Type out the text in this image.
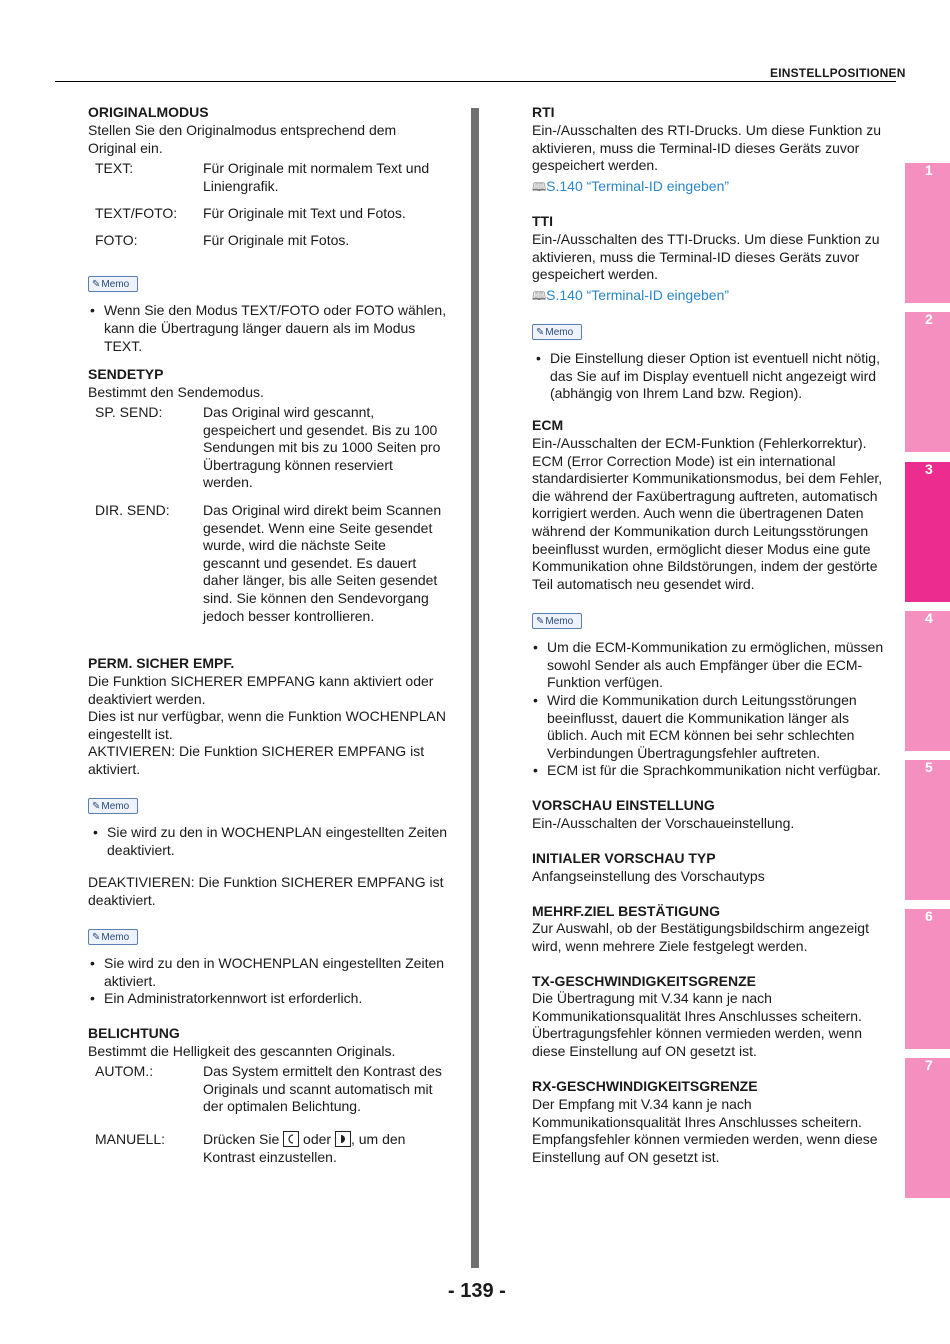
EINSTELLPOSITIONEN
ORIGINALMODUS
Stellen Sie den Originalmodus entsprechend dem
Original ein.
TEXT:	Für Originale mit normalem Text und
Liniengrafik.
TEXT/FOTO: Für Originale mit Text und Fotos.
FOTO:	Für Originale mit Fotos.
✎Memo
• Wenn Sie den Modus TEXT/FOTO oder FOTO wählen,
kann die Übertragung länger dauern als im Modus
TEXT.
SENDETYP
Bestimmt den Sendemodus.
SP. SEND:	Das Original wird gescannt,
gespeichert und gesendet. Bis zu 100
Sendungen mit bis zu 1000 Seiten pro
Übertragung können reserviert
werden.
DIR. SEND: Das Original wird direkt beim Scannen
gesendet. Wenn eine Seite gesendet
wurde, wird die nächste Seite
gescannt und gesendet. Es dauert
daher länger, bis alle Seiten gesendet
sind. Sie können den Sendevorgang
jedoch besser kontrollieren.
PERM. SICHER EMPF.
Die Funktion SICHERER EMPFANG kann aktiviert oder
deaktiviert werden.
Dies ist nur verfügbar, wenn die Funktion WOCHENPLAN
eingestellt ist.
AKTIVIEREN: Die Funktion SICHERER EMPFANG ist
aktiviert.
✎Memo
• Sie wird zu den in WOCHENPLAN eingestellten Zeiten
deaktiviert.
DEAKTIVIEREN: Die Funktion SICHERER EMPFANG ist
deaktiviert.
✎Memo
• Sie wird zu den in WOCHENPLAN eingestellten Zeiten
aktiviert.
• Ein Administratorkennwort ist erforderlich.
BELICHTUNG
Bestimmt die Helligkeit des gescannten Originals.
AUTOM.:	Das System ermittelt den Kontrast des
Originals und scannt automatisch mit
der optimalen Belichtung.
MANUELL:	Drücken Sie oder , um den
Kontrast einzustellen.
RTI
Ein-/Ausschalten des RTI-Drucks. Um diese Funktion zu
aktivieren, muss die Terminal-ID dieses Geräts zuvor
gespeichert werden.
🕮S.140 “Terminal-ID eingeben”
TTI
Ein-/Ausschalten des TTI-Drucks. Um diese Funktion zu
aktivieren, muss die Terminal-ID dieses Geräts zuvor
gespeichert werden.
🕮S.140 “Terminal-ID eingeben”
✎Memo
• Die Einstellung dieser Option ist eventuell nicht nötig,
das Sie auf im Display eventuell nicht angezeigt wird
(abhängig von Ihrem Land bzw. Region).
ECM
Ein-/Ausschalten der ECM-Funktion (Fehlerkorrektur).
ECM (Error Correction Mode) ist ein international
standardisierter Kommunikationsmodus, bei dem Fehler,
die während der Faxübertragung auftreten, automatisch
korrigiert werden. Auch wenn die übertragenen Daten
während der Kommunikation durch Leitungsstörungen
beeinflusst wurden, ermöglicht dieser Modus eine gute
Kommunikation ohne Bildstörungen, indem der gestörte
Teil automatisch neu gesendet wird.
✎Memo
• Um die ECM-Kommunikation zu ermöglichen, müssen
sowohl Sender als auch Empfänger über die ECM-
Funktion verfügen.
• Wird die Kommunikation durch Leitungsstörungen
beeinflusst, dauert die Kommunikation länger als
üblich. Auch mit ECM können bei sehr schlechten
Verbindungen Übertragungsfehler auftreten.
• ECM ist für die Sprachkommunikation nicht verfügbar.
VORSCHAU EINSTELLUNG
Ein-/Ausschalten der Vorschaueinstellung.
INITIALER VORSCHAU TYP
Anfangseinstellung des Vorschautyps
MEHRF.ZIEL BESTÄTIGUNG
Zur Auswahl, ob der Bestätigungsbildschirm angezeigt
wird, wenn mehrere Ziele festgelegt werden.
TX-GESCHWINDIGKEITSGRENZE
Die Übertragung mit V.34 kann je nach
Kommunikationsqualität Ihres Anschlusses scheitern.
Übertragungsfehler können vermieden werden, wenn
diese Einstellung auf ON gesetzt ist.
RX-GESCHWINDIGKEITSGRENZE
Der Empfang mit V.34 kann je nach
Kommunikationsqualität Ihres Anschlusses scheitern.
Empfangsfehler können vermieden werden, wenn diese
Einstellung auf ON gesetzt ist.
1
2
3
4
5
6
7
- 139 -
